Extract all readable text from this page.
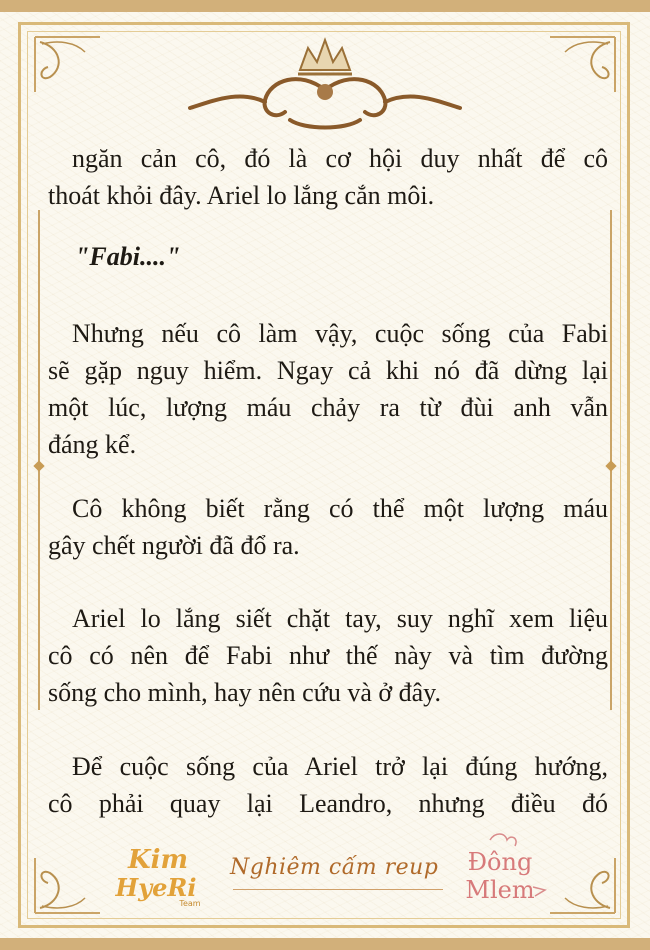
ngăn cản cô, đó là cơ hội duy nhất để cô
thoát khỏi đây. Ariel lo lắng cắn môi.
"Fabi...."
Nhưng nếu cô làm vậy, cuộc sống của Fabi
sẽ gặp nguy hiểm. Ngay cả khi nó đã dừng lại
một lúc, lượng máu chảy ra từ đùi anh vẫn
đáng kể.
Cô không biết rằng có thể một lượng máu
gây chết người đã đổ ra.
Ariel lo lắng siết chặt tay, suy nghĩ xem liệu
cô có nên để Fabi như thế này và tìm đường
sống cho mình, hay nên cứu và ở đây.
Để cuộc sống của Ariel trở lại đúng hướng,
cô phải quay lại Leandro, nhưng điều đó
Kim
HyeRi
Team
Nghiêm cấm reup Đông
Mlem
